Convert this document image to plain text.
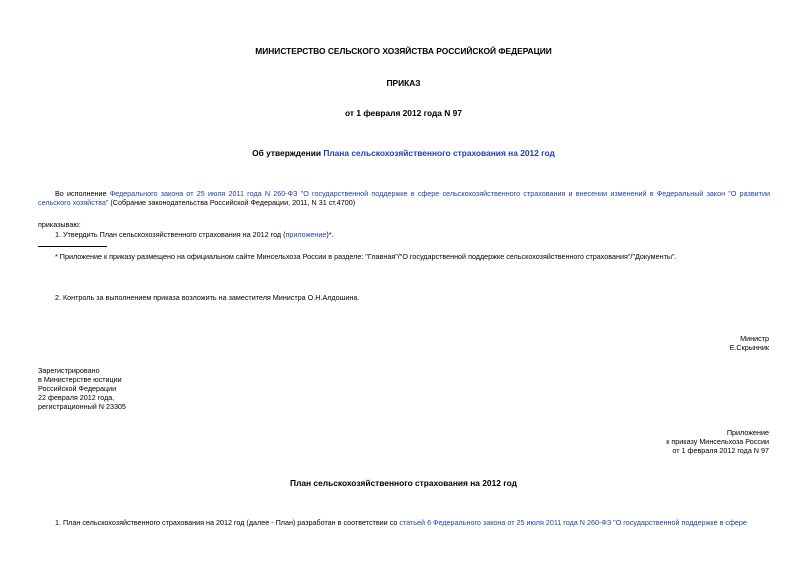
МИНИСТЕРСТВО СЕЛЬСКОГО ХОЗЯЙСТВА РОССИЙСКОЙ ФЕДЕРАЦИИ
ПРИКАЗ
от 1 февраля 2012 года N 97
Об утверждении Плана сельскохозяйственного страхования на 2012 год
Во исполнение Федерального закона от 25 июля 2011 года N 260-ФЗ "О государственной поддержке в сфере сельскохозяйственного страхования и внесении изменений в Федеральный закон "О развитии сельского хозяйства" (Собрание законодательства Российской Федерации, 2011, N 31 ст.4700)
приказываю:
1. Утвердить План сельскохозяйственного страхования на 2012 год (приложение)*.
* Приложение к приказу размещено на официальном сайте Минсельхоза России в разделе: "Главная"/"О государственной поддержке сельскохозяйственного страхования"/"Документы".
2. Контроль за выполнением приказа возложить на заместителя Министра О.Н.Алдошина.
Министр
Е.Скрынник
Зарегистрировано
в Министерстве юстиции
Российской Федерации
22 февраля 2012 года,
регистрационный N 23305
Приложение
к приказу Минсельхоза России
от 1 февраля 2012 года N 97
План сельскохозяйственного страхования на 2012 год
1. План сельскохозяйственного страхования на 2012 год (далее - План) разработан в соответствии со статьей 6 Федерального закона от 25 июля 2011 года N 260-ФЗ "О государственной поддержке в сфере
